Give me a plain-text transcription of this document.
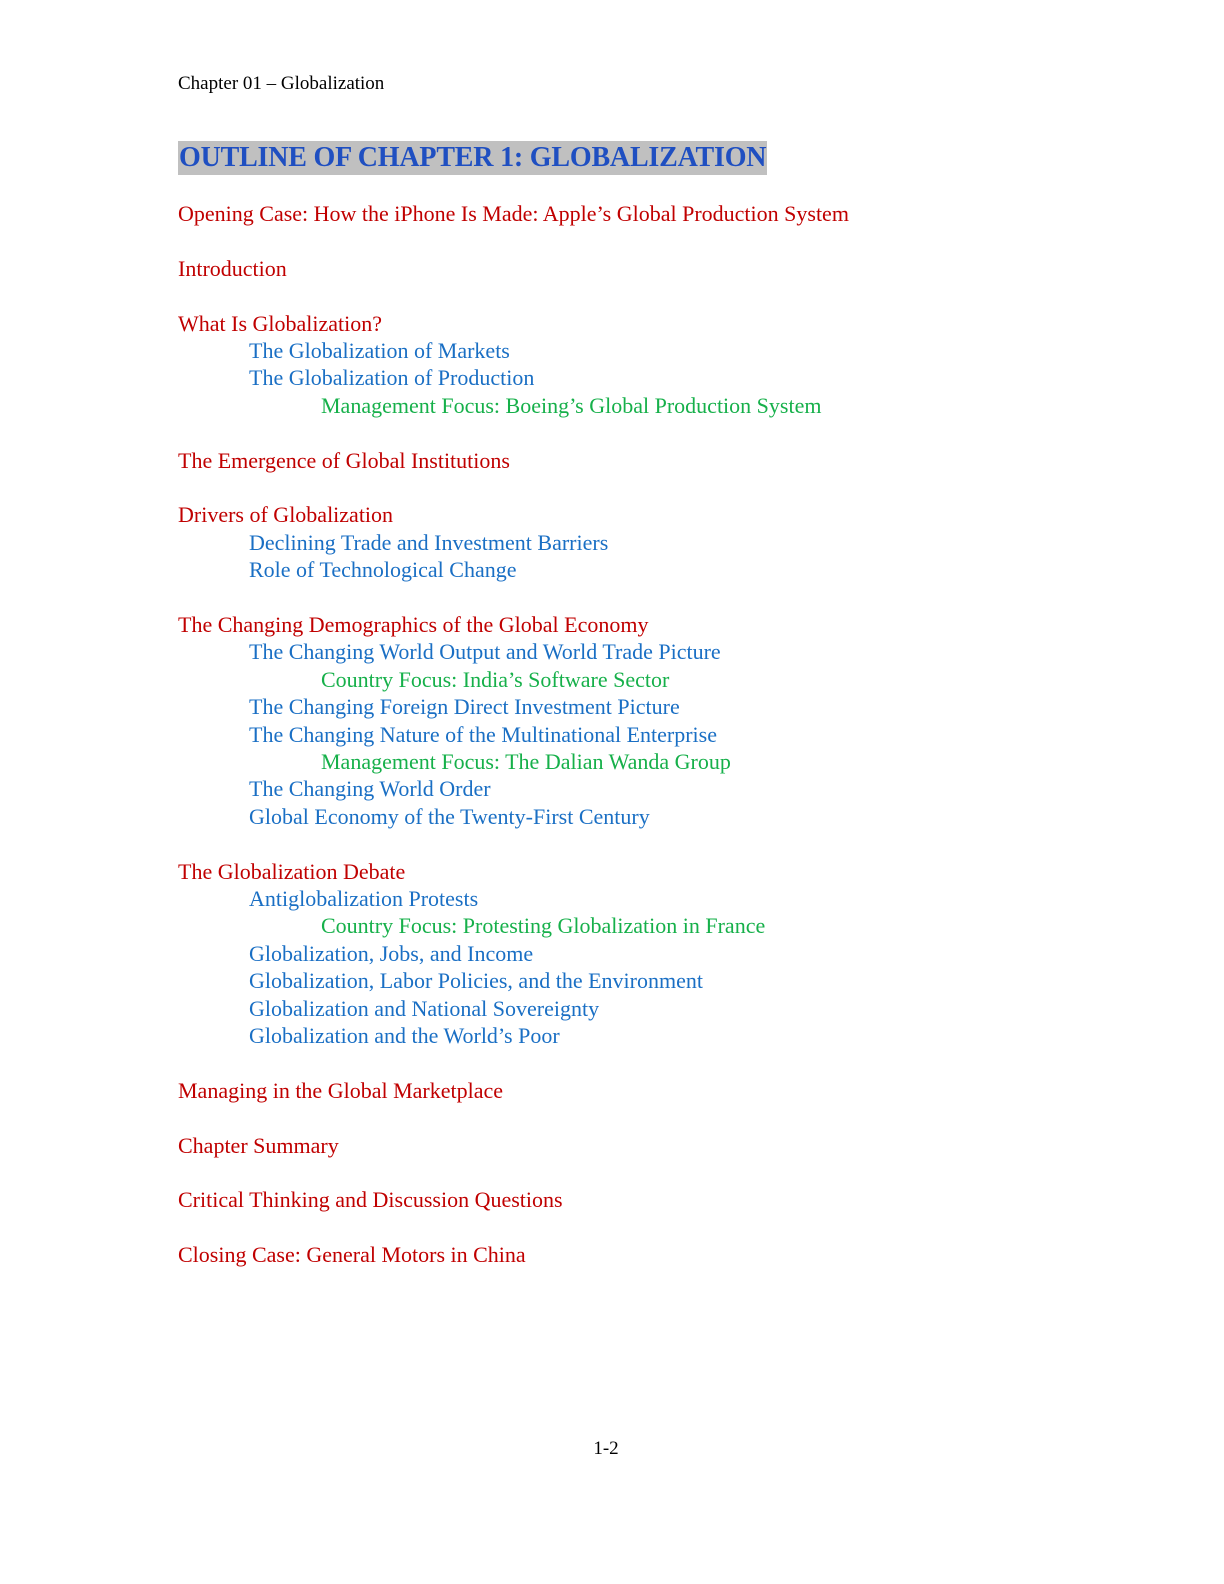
Chapter 01 – Globalization
OUTLINE OF CHAPTER 1: GLOBALIZATION
Opening Case: How the iPhone Is Made: Apple’s Global Production System
Introduction
What Is Globalization?
The Globalization of Markets
The Globalization of Production
Management Focus: Boeing’s Global Production System
The Emergence of Global Institutions
Drivers of Globalization
Declining Trade and Investment Barriers
Role of Technological Change
The Changing Demographics of the Global Economy
The Changing World Output and World Trade Picture
Country Focus: India’s Software Sector
The Changing Foreign Direct Investment Picture
The Changing Nature of the Multinational Enterprise
Management Focus: The Dalian Wanda Group
The Changing World Order
Global Economy of the Twenty-First Century
The Globalization Debate
Antiglobalization Protests
Country Focus: Protesting Globalization in France
Globalization, Jobs, and Income
Globalization, Labor Policies, and the Environment
Globalization and National Sovereignty
Globalization and the World’s Poor
Managing in the Global Marketplace
Chapter Summary
Critical Thinking and Discussion Questions
Closing Case: General Motors in China
1-2
